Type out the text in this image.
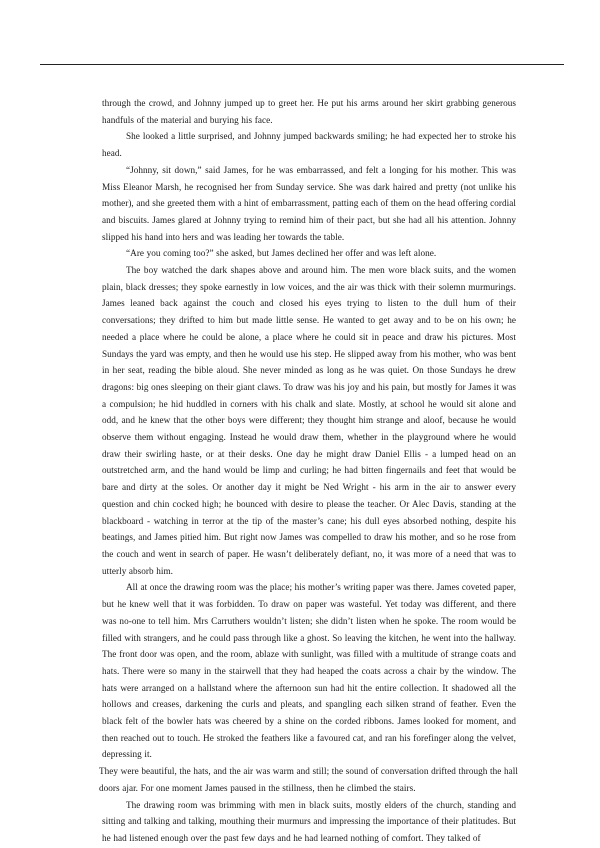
through the crowd, and Johnny jumped up to greet her. He put his arms around her skirt grabbing generous handfuls of the material and burying his face.

She looked a little surprised, and Johnny jumped backwards smiling; he had expected her to stroke his head.

“Johnny, sit down,” said James, for he was embarrassed, and felt a longing for his mother. This was Miss Eleanor Marsh, he recognised her from Sunday service. She was dark haired and pretty (not unlike his mother), and she greeted them with a hint of embarrassment, patting each of them on the head offering cordial and biscuits. James glared at Johnny trying to remind him of their pact, but she had all his attention. Johnny slipped his hand into hers and was leading her towards the table.

“Are you coming too?” she asked, but James declined her offer and was left alone.

The boy watched the dark shapes above and around him. The men wore black suits, and the women plain, black dresses; they spoke earnestly in low voices, and the air was thick with their solemn murmurings. James leaned back against the couch and closed his eyes trying to listen to the dull hum of their conversations; they drifted to him but made little sense. He wanted to get away and to be on his own; he needed a place where he could be alone, a place where he could sit in peace and draw his pictures. Most Sundays the yard was empty, and then he would use his step. He slipped away from his mother, who was bent in her seat, reading the bible aloud. She never minded as long as he was quiet. On those Sundays he drew dragons: big ones sleeping on their giant claws. To draw was his joy and his pain, but mostly for James it was a compulsion; he hid huddled in corners with his chalk and slate. Mostly, at school he would sit alone and odd, and he knew that the other boys were different; they thought him strange and aloof, because he would observe them without engaging. Instead he would draw them, whether in the playground where he would draw their swirling haste, or at their desks. One day he might draw Daniel Ellis - a lumped head on an outstretched arm, and the hand would be limp and curling; he had bitten fingernails and feet that would be bare and dirty at the soles. Or another day it might be Ned Wright - his arm in the air to answer every question and chin cocked high; he bounced with desire to please the teacher. Or Alec Davis, standing at the blackboard - watching in terror at the tip of the master’s cane; his dull eyes absorbed nothing, despite his beatings, and James pitied him. But right now James was compelled to draw his mother, and so he rose from the couch and went in search of paper. He wasn’t deliberately defiant, no, it was more of a need that was to utterly absorb him.

All at once the drawing room was the place; his mother’s writing paper was there. James coveted paper, but he knew well that it was forbidden. To draw on paper was wasteful. Yet today was different, and there was no-one to tell him. Mrs Carruthers wouldn’t listen; she didn’t listen when he spoke. The room would be filled with strangers, and he could pass through like a ghost. So leaving the kitchen, he went into the hallway. The front door was open, and the room, ablaze with sunlight, was filled with a multitude of strange coats and hats. There were so many in the stairwell that they had heaped the coats across a chair by the window. The hats were arranged on a hallstand where the afternoon sun had hit the entire collection. It shadowed all the hollows and creases, darkening the curls and pleats, and spangling each silken strand of feather. Even the black felt of the bowler hats was cheered by a shine on the corded ribbons. James looked for moment, and then reached out to touch. He stroked the feathers like a favoured cat, and ran his forefinger along the velvet, depressing it.

They were beautiful, the hats, and the air was warm and still; the sound of conversation drifted through the hall doors ajar. For one moment James paused in the stillness, then he climbed the stairs.

The drawing room was brimming with men in black suits, mostly elders of the church, standing and sitting and talking and talking, mouthing their murmurs and impressing the importance of their platitudes. But he had listened enough over the past few days and he had learned nothing of comfort. They talked of
